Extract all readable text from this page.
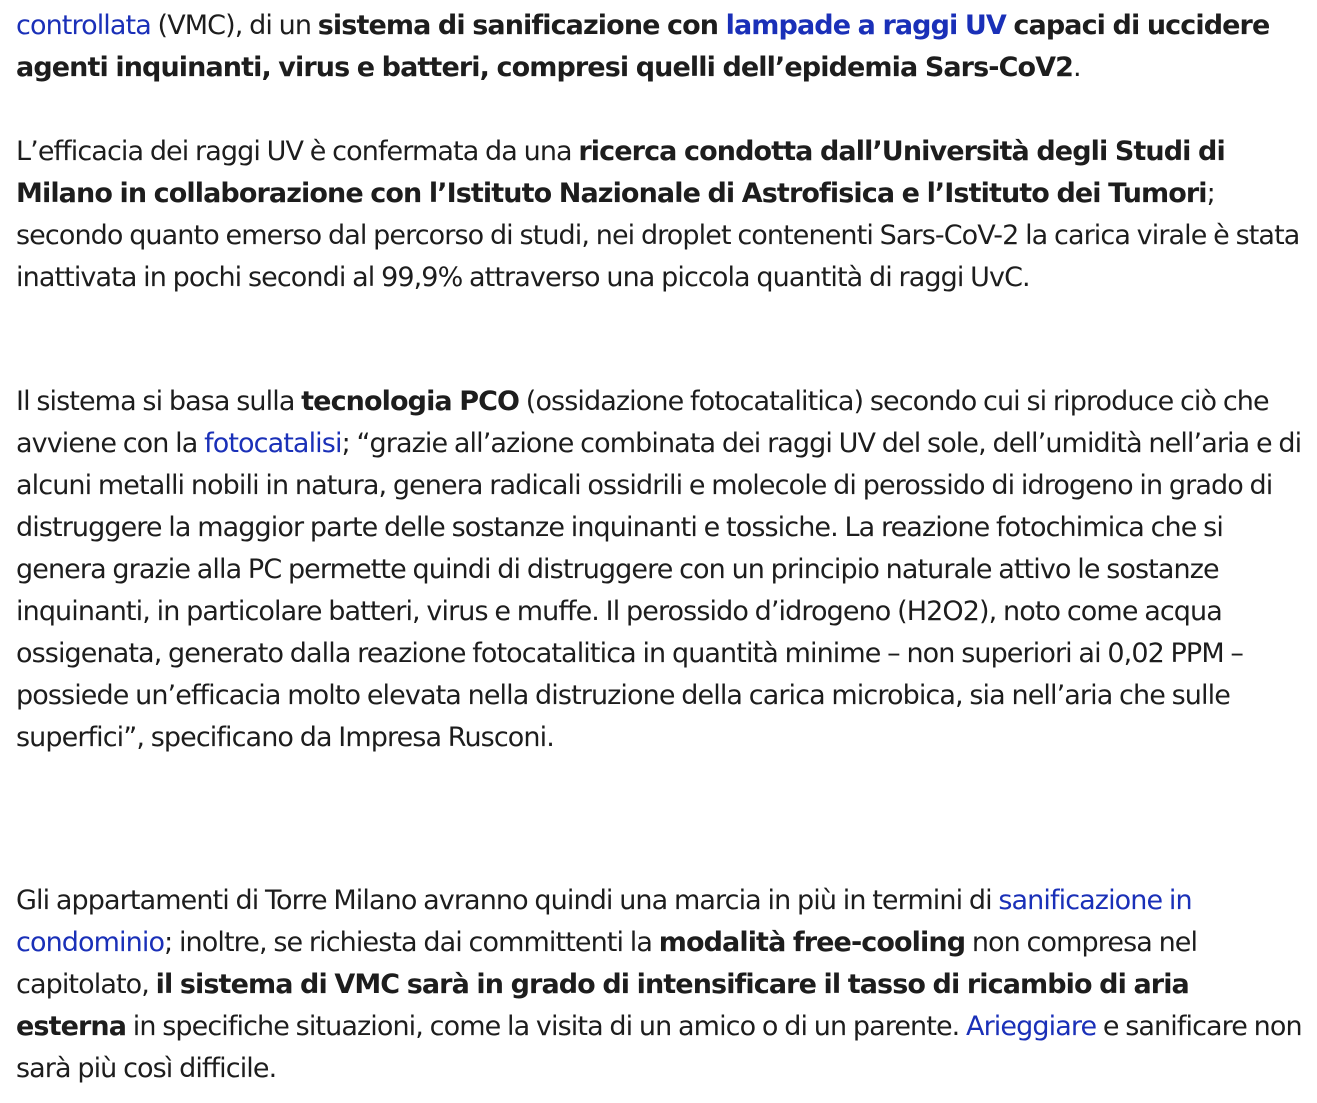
controllata (VMC), di un sistema di sanificazione con lampade a raggi UV capaci di uccidere agenti inquinanti, virus e batteri, compresi quelli dell’epidemia Sars-CoV2.

L’efficacia dei raggi UV è confermata da una ricerca condotta dall’Università degli Studi di Milano in collaborazione con l’Istituto Nazionale di Astrofisica e l’Istituto dei Tumori; secondo quanto emerso dal percorso di studi, nei droplet contenenti Sars-CoV-2 la carica virale è stata inattivata in pochi secondi al 99,9% attraverso una piccola quantità di raggi UvC.

Il sistema si basa sulla tecnologia PCO (ossidazione fotocatalitica) secondo cui si riproduce ciò che avviene con la fotocatalisi; “grazie all’azione combinata dei raggi UV del sole, dell’umidità nell’aria e di alcuni metalli nobili in natura, genera radicali ossidrili e molecole di perossido di idrogeno in grado di distruggere la maggior parte delle sostanze inquinanti e tossiche. La reazione fotochimica che si genera grazie alla PC permette quindi di distruggere con un principio naturale attivo le sostanze inquinanti, in particolare batteri, virus e muffe. Il perossido d’idrogeno (H2O2), noto come acqua ossigenata, generato dalla reazione fotocatalitica in quantità minime – non superiori ai 0,02 PPM – possiede un’efficacia molto elevata nella distruzione della carica microbica, sia nell’aria che sulle superfici”, specificano da Impresa Rusconi.

Gli appartamenti di Torre Milano avranno quindi una marcia in più in termini di sanificazione in condominio; inoltre, se richiesta dai committenti la modalità free-cooling non compresa nel capitolato, il sistema di VMC sarà in grado di intensificare il tasso di ricambio di aria esterna in specifiche situazioni, come la visita di un amico o di un parente. Arieggiare e sanificare non sarà più così difficile.
